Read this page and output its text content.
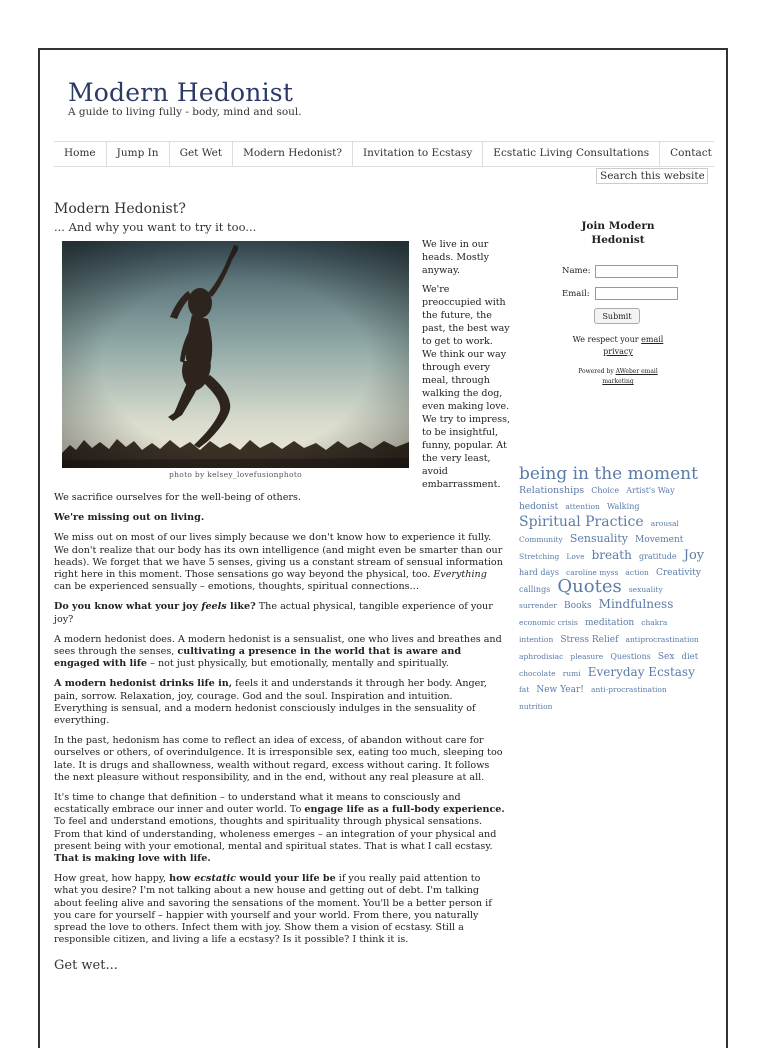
Modern Hedonist
A guide to living fully - body, mind and soul.
Home	Jump In	Get Wet	Modern Hedonist?	Invitation to Ecstasy	Ecstatic Living Consultations	Contact
Search this website...
Modern Hedonist?
... And why you want to try it too...
photo by kelsey_lovefusionphoto

We live in our heads. Mostly anyway.

We're preoccupied with the future, the past, the best way to get to work. We think our way through every meal, through walking the dog, even making love. We try to impress, to be insightful, funny, popular. At the very least, avoid embarrassment.

We sacrifice ourselves for the well-being of others.

We're missing out on living.

We miss out on most of our lives simply because we don't know how to experience it fully. We don't realize that our body has its own intelligence (and might even be smarter than our heads). We forget that we have 5 senses, giving us a constant stream of sensual information right here in this moment. Those sensations go way beyond the physical, too. Everything can be experienced sensually – emotions, thoughts, spiritual connections…

Do you know what your joy feels like? The actual physical, tangible experience of your joy?

A modern hedonist does. A modern hedonist is a sensualist, one who lives and breathes and sees through the senses, cultivating a presence in the world that is aware and engaged with life – not just physically, but emotionally, mentally and spiritually.

A modern hedonist drinks life in, feels it and understands it through her body. Anger, pain, sorrow. Relaxation, joy, courage. God and the soul. Inspiration and intuition. Everything is sensual, and a modern hedonist consciously indulges in the sensuality of everything.

In the past, hedonism has come to reflect an idea of excess, of abandon without care for ourselves or others, of overindulgence. It is irresponsible sex, eating too much, sleeping too late. It is drugs and shallowness, wealth without regard, excess without caring. It follows the next pleasure without responsibility, and in the end, without any real pleasure at all.

It's time to change that definition – to understand what it means to consciously and ecstatically embrace our inner and outer world. To engage life as a full-body experience. To feel and understand emotions, thoughts and spirituality through physical sensations. From that kind of understanding, wholeness emerges – an integration of your physical and present being with your emotional, mental and spiritual states. That is what I call ecstasy. That is making love with life.

How great, how happy, how ecstatic would your life be if you really paid attention to what you desire? I'm not talking about a new house and getting out of debt. I'm talking about feeling alive and savoring the sensations of the moment. You'll be a better person if you care for yourself – happier with yourself and your world. From there, you naturally spread the love to others. Infect them with joy. Show them a vision of ecstasy. Still a responsible citizen, and living a life a ecstasy? Is it possible? I think it is.

Get wet...
Join Modern Hedonist
Name:
Email:
Submit
We respect your email privacy
Powered by AWeber email marketing
being in the moment Relationships Choice Artist's Way hedonist attention Walking Spiritual Practice arousal Community Sensuality Movement Stretching Love breath gratitude Joy hard days caroline myss action Creativity callings Quotes sexuality surrender Books Mindfulness economic crisis meditation chakra intention Stress Relief antiprocrastination aphrodisiac pleasure Questions Sex diet chocolate rumi Everyday Ecstasy fat New Year! anti-procrastination nutrition
